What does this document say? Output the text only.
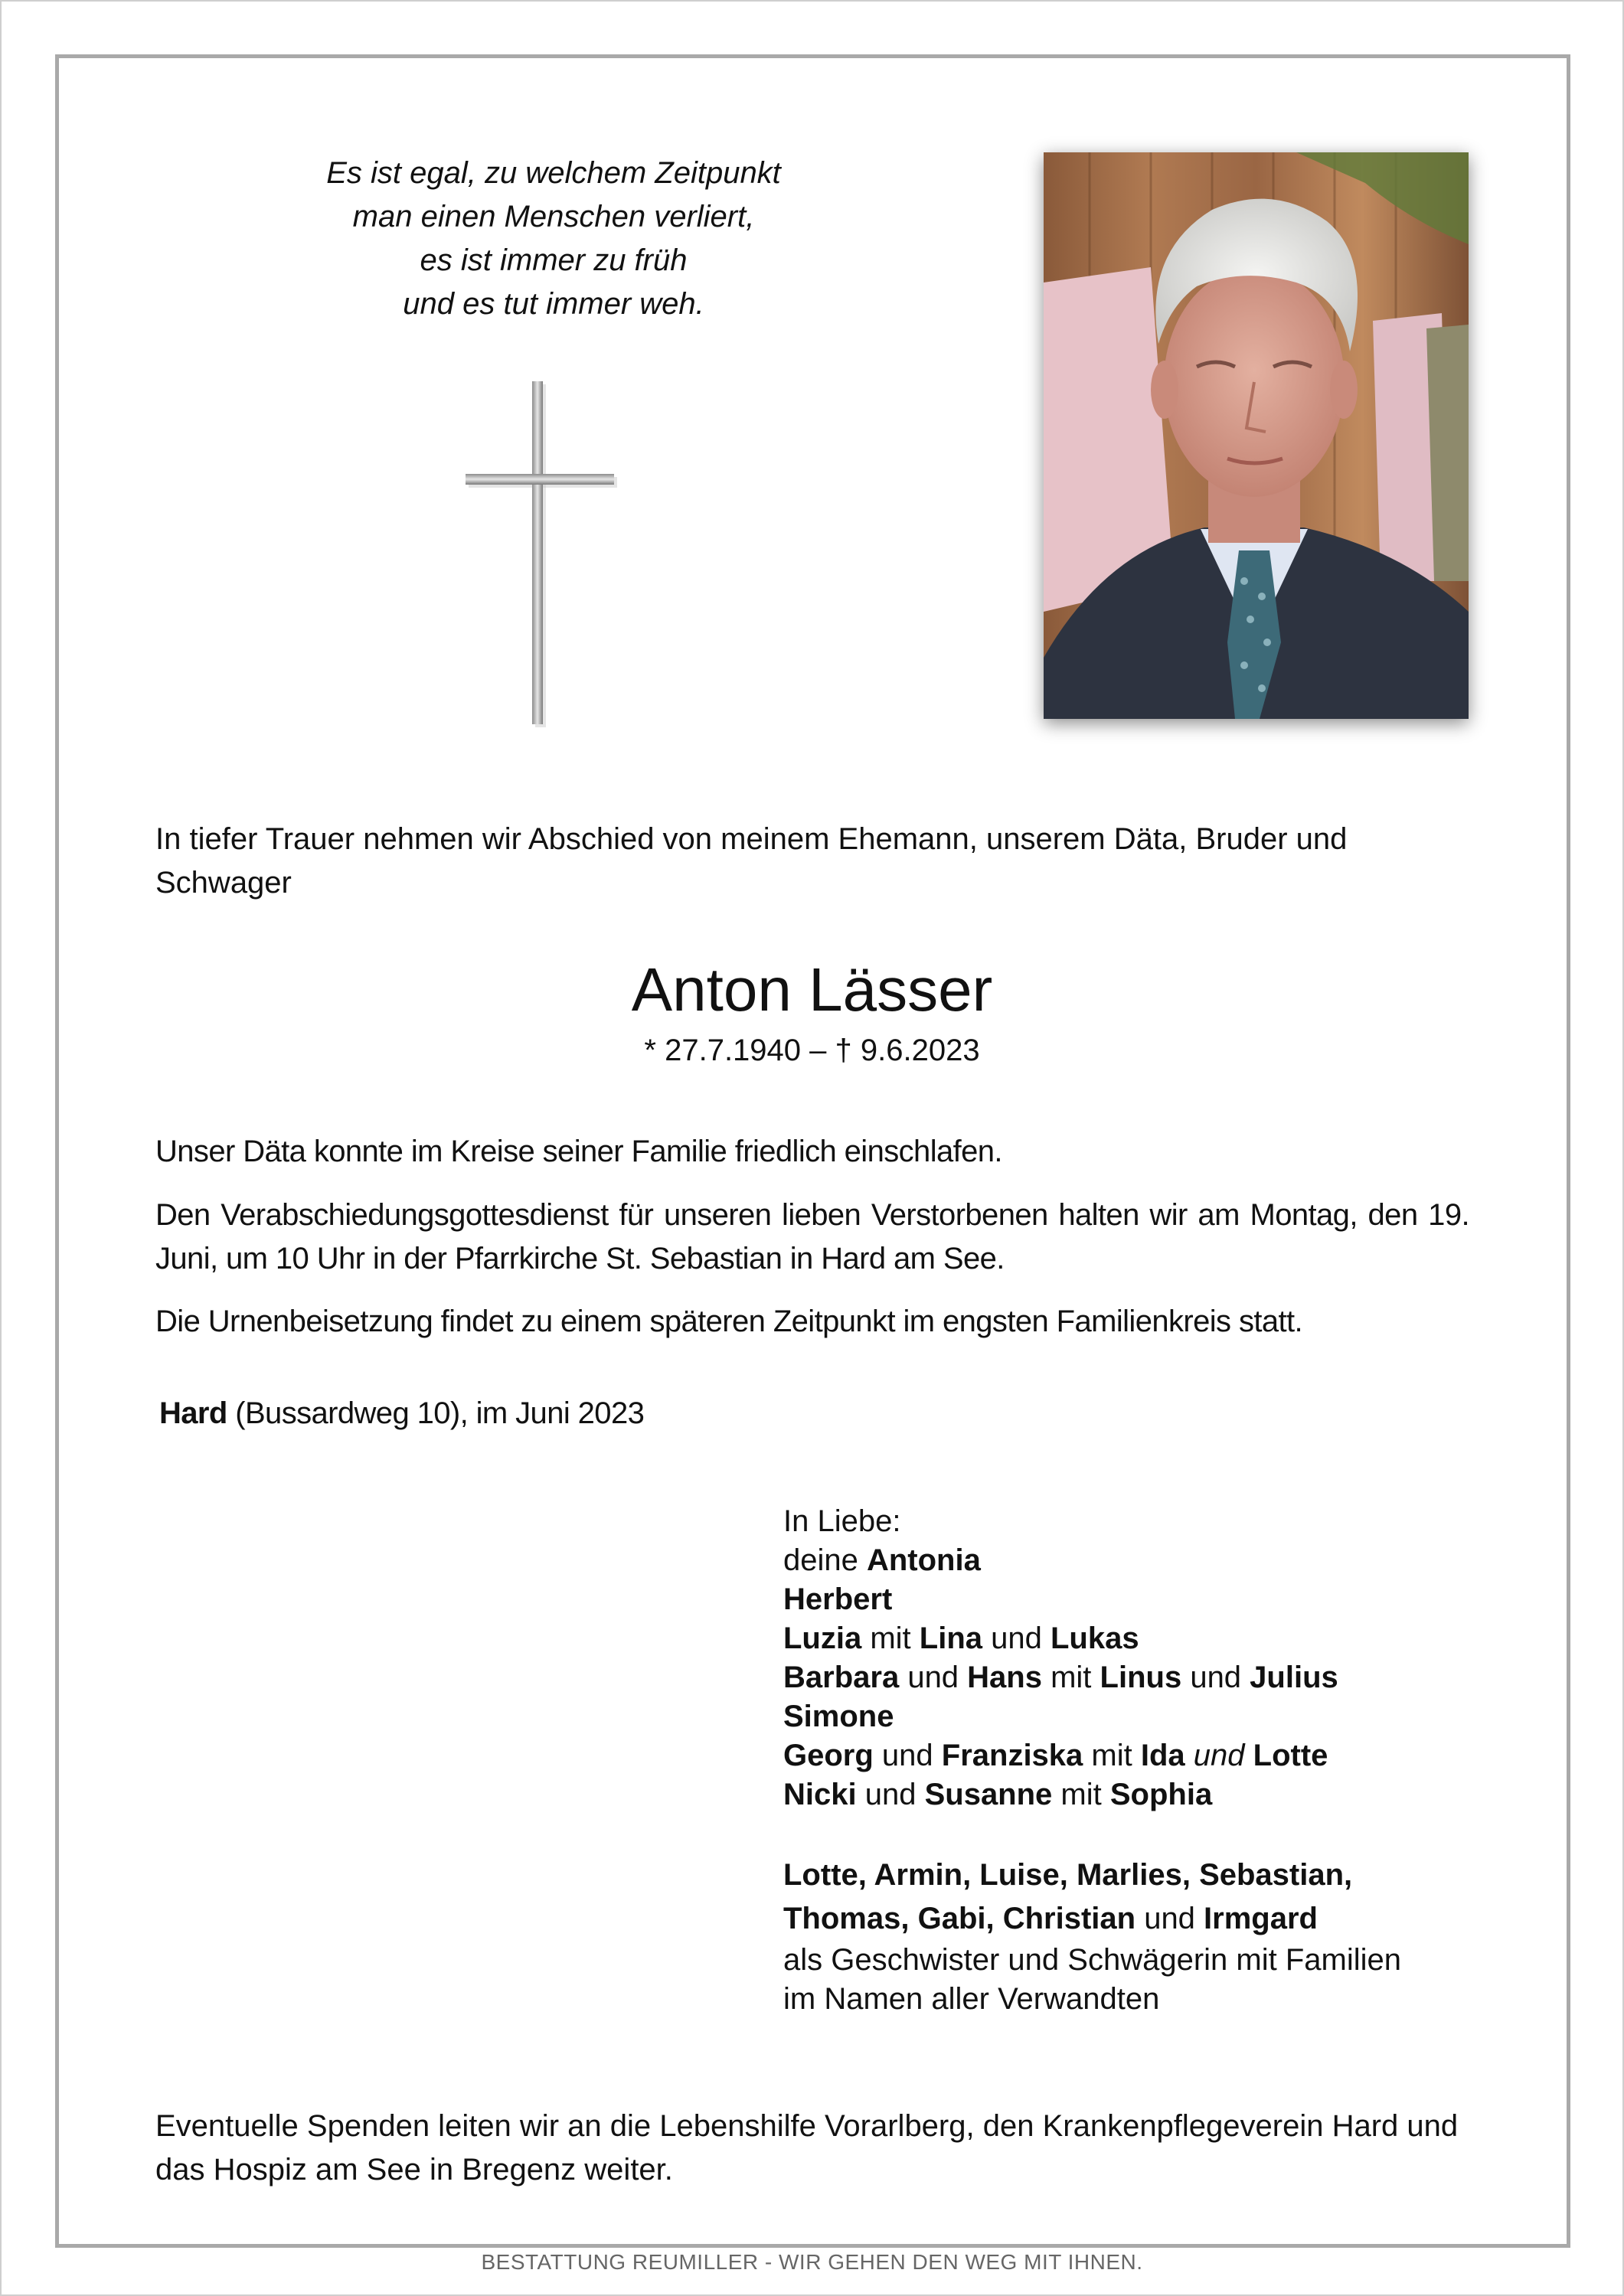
Es ist egal, zu welchem Zeitpunkt
man einen Menschen verliert,
es ist immer zu früh
und es tut immer weh.
In tiefer Trauer nehmen wir Abschied von meinem Ehemann, unserem Däta, Bruder und Schwager
Anton Lässer
* 27.7.1940 – † 9.6.2023
Unser Däta konnte im Kreise seiner Familie friedlich einschlafen.
Den Verabschiedungsgottesdienst für unseren lieben Verstorbenen halten wir am Montag, den 19. Juni, um 10 Uhr in der Pfarrkirche St. Sebastian in Hard am See.
Die Urnenbeisetzung findet zu einem späteren Zeitpunkt im engsten Familienkreis statt.
Hard (Bussardweg 10), im Juni 2023
In Liebe:
deine Antonia
Herbert
Luzia mit Lina und Lukas
Barbara und Hans mit Linus und Julius
Simone
Georg und Franziska mit Ida und Lotte
Nicki und Susanne mit Sophia
Lotte, Armin, Luise, Marlies, Sebastian,
Thomas, Gabi, Christian und Irmgard
als Geschwister und Schwägerin mit Familien
im Namen aller Verwandten
Eventuelle Spenden leiten wir an die Lebenshilfe Vorarlberg, den Krankenpflegeverein Hard und das Hospiz am See in Bregenz weiter.
BESTATTUNG REUMILLER - WIR GEHEN DEN WEG MIT IHNEN.
